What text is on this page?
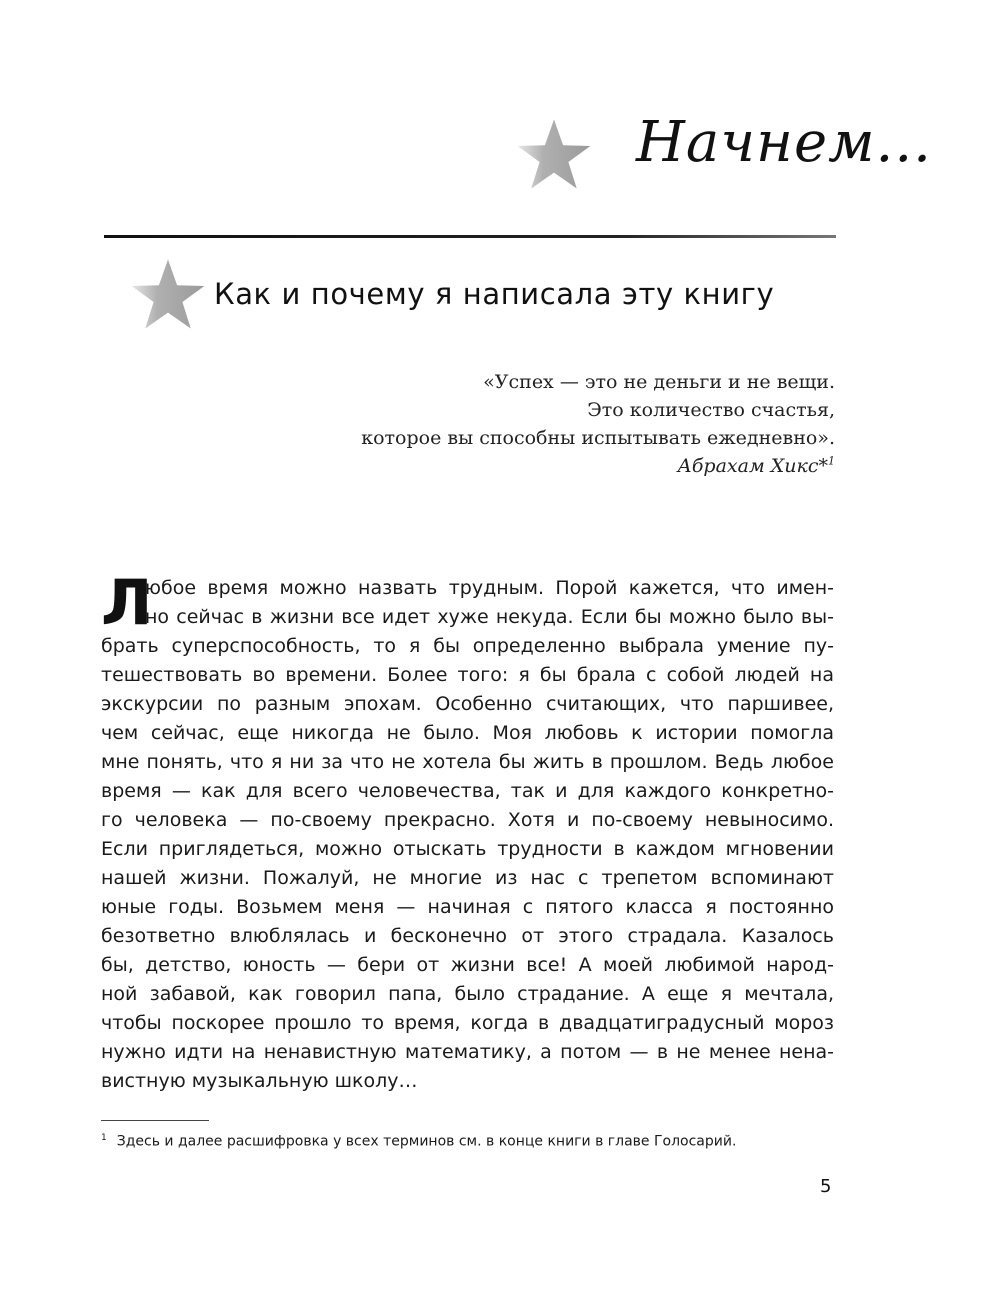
Начнем...
Как и почему я написала эту книгу
«Успех — это не деньги и не вещи.
Это количество счастья,
которое вы способны испытывать ежедневно».
Абрахам Хикс*$^1$
Л
юбое время можно назвать трудным. Порой кажется, что имен-
но сейчас в жизни все идет хуже некуда. Если бы можно было вы-
брать суперспособность, то я бы определенно выбрала умение пу-
тешествовать во времени. Более того: я бы брала с собой людей на
экскурсии по разным эпохам. Особенно считающих, что паршивее,
чем сейчас, еще никогда не было. Моя любовь к истории помогла
мне понять, что я ни за что не хотела бы жить в прошлом. Ведь любое
время — как для всего человечества, так и для каждого конкретно-
го человека — по-своему прекрасно. Хотя и по-своему невыносимо.
Если приглядеться, можно отыскать трудности в каждом мгновении
нашей жизни. Пожалуй, не многие из нас с трепетом вспоминают
юные годы. Возьмем меня — начиная с пятого класса я постоянно
безответно влюблялась и бесконечно от этого страдала. Казалось
бы, детство, юность — бери от жизни все! А моей любимой народ-
ной забавой, как говорил папа, было страдание. А еще я мечтала,
чтобы поскорее прошло то время, когда в двадцатиградусный мороз
нужно идти на ненавистную математику, а потом — в не менее нена-
вистную музыкальную школу…
$^1$ Здесь и далее расшифровка у всех терминов см. в конце книги в главе Голосарий.
5
